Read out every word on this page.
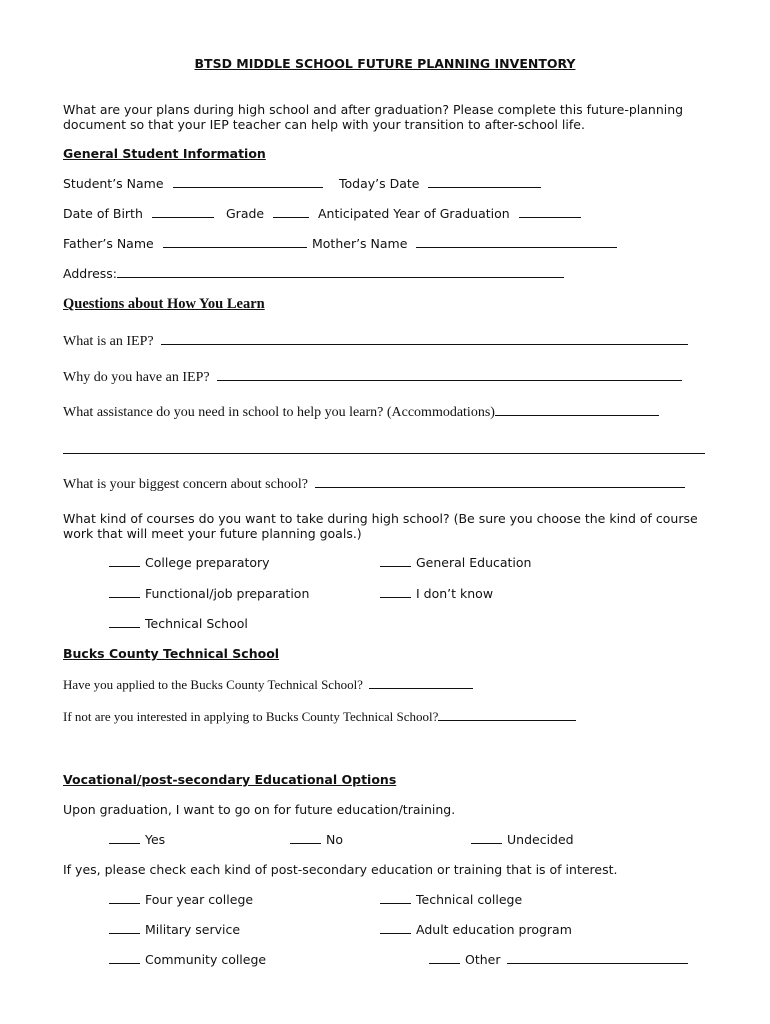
BTSD MIDDLE SCHOOL FUTURE PLANNING INVENTORY
What are your plans during high school and after graduation? Please complete this future-planning document so that your IEP teacher can help with your transition to after-school life.
General Student Information
Student’s Name	Today’s Date
Date of Birth	Grade	Anticipated Year of Graduation
Father’s Name	Mother’s Name
Address:
Questions about How You Learn
What is an IEP?
Why do you have an IEP?
What assistance do you need in school to help you learn? (Accommodations)
What is your biggest concern about school?
What kind of courses do you want to take during high school? (Be sure you choose the kind of course work that will meet your future planning goals.)
College preparatory	General Education
Functional/job preparation	I don’t know
Technical School
Bucks County Technical School
Have you applied to the Bucks County Technical School?
If not are you interested in applying to Bucks County Technical School?
Vocational/post-secondary Educational Options
Upon graduation, I want to go on for future education/training.
Yes	No	Undecided
If yes, please check each kind of post-secondary education or training that is of interest.
Four year college	Technical college
Military service	Adult education program
Community college	Other
